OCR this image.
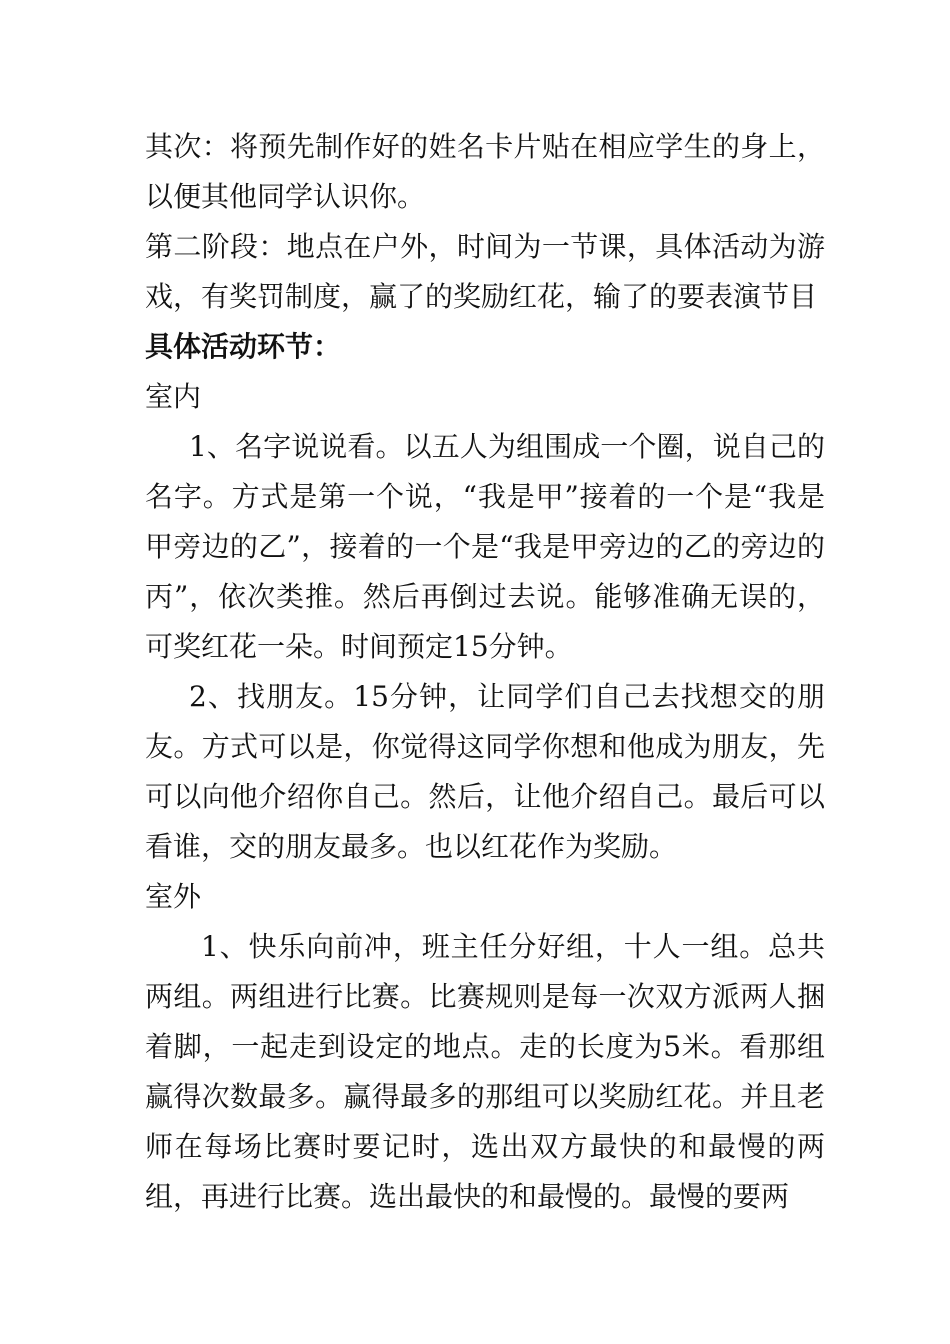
其次：将预先制作好的姓名卡片贴在相应学生的身上，以便其他同学认识你。

第二阶段：地点在户外，时间为一节课，具体活动为游戏，有奖罚制度，赢了的奖励红花，输了的要表演节目

具体活动环节：

室内

1、名字说说看。以五人为组围成一个圈，说自己的名字。方式是第一个说，“我是甲”接着的一个是“我是甲旁边的乙”，接着的一个是“我是甲旁边的乙的旁边的丙”，依次类推。然后再倒过去说。能够准确无误的，可奖红花一朵。时间预定15分钟。

2、找朋友。15分钟，让同学们自己去找想交的朋友。方式可以是，你觉得这同学你想和他成为朋友，先可以向他介绍你自己。然后，让他介绍自己。最后可以看谁，交的朋友最多。也以红花作为奖励。

室外

1、快乐向前冲，班主任分好组，十人一组。总共两组。两组进行比赛。比赛规则是每一次双方派两人捆着脚，一起走到设定的地点。走的长度为5米。看那组赢得次数最多。赢得最多的那组可以奖励红花。并且老师在每场比赛时要记时，选出双方最快的和最慢的两组，再进行比赛。选出最快的和最慢的。最慢的要两
